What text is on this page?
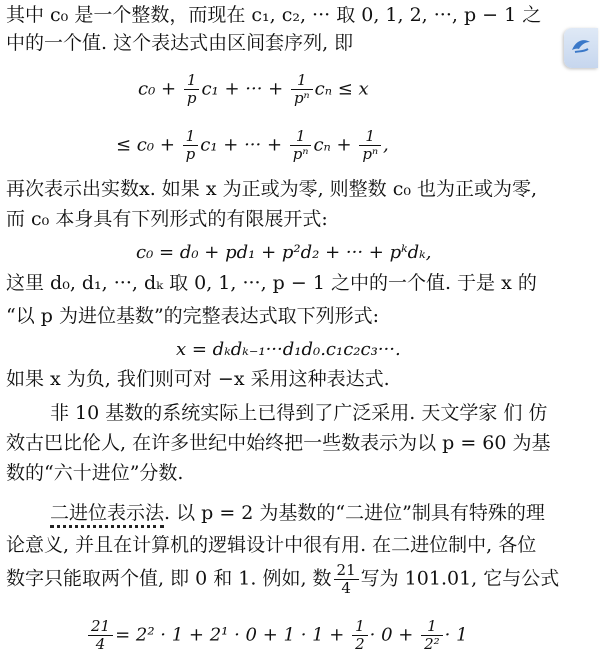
其中 c₀ 是一个整数，而现在 c₁, c₂, ··· 取 0, 1, 2, ···, p − 1 之
中的一个值. 这个表达式由区间套序列, 即
$c_0 + \frac{1}{p} c_1$ + ··· + $\frac{1}{\text{pⁿ}}$ cₙ ≤ x
≤ $c_0 + \frac{1}{p} c_1$ + ··· + $\frac{1}{\text{pⁿ}}$ $c_n + \frac{1}{\text{pⁿ}}$ ,
再次表示出实数x. 如果 x 为正或为零, 则整数 c₀ 也为正或为零,
而 c₀ 本身具有下列形式的有限展开式:
c₀ = d₀ + pd₁ + p²d₂ + ··· + pᵏdₖ,
这里 d₀, d₁, ···, dₖ 取 0, 1, ···, p − 1 之中的一个值. 于是 x 的
“以 p 为进位基数”的完整表达式取下列形式:
x = dₖdₖ₋₁···d₁d₀.c₁c₂c₃···.
如果 x 为负, 我们则可对 −x 采用这种表达式.
非 10 基数的系统实际上已得到了广泛采用. 天文学家 们 仿
效古巴比伦人, 在许多世纪中始终把一些数表示为以 p = 60 为基
数的“六十进位”分数.
二进位表示法. 以 p = 2 为基数的“二进位”制具有特殊的理
论意义, 并且在计算机的逻辑设计中很有用. 在二进位制中, 各位
数字只能取两个值, 即 0 和 1. 例如, 数 $\frac{21}{4}$ 写为 101.01, 它与公式
$\frac{21}{4} = 2^2 \cdot 1 + 2^1 \cdot 0 + 1 \cdot 1 + \frac{1}{2} \cdot 0 + \frac{1}{\text{2²}} \cdot 1$
